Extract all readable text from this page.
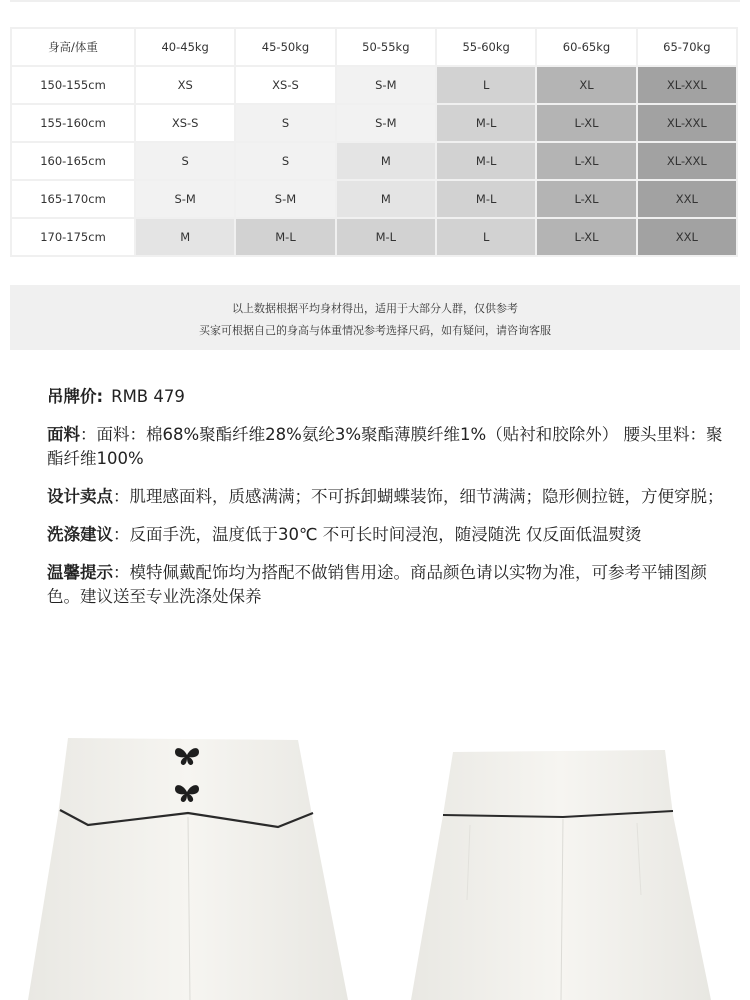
身高/体重	40-45kg	45-50kg	50-55kg	55-60kg	60-65kg	65-70kg
150-155cm	XS	XS-S	S-M	L	XL	XL-XXL
155-160cm	XS-S	S	S-M	M-L	L-XL	XL-XXL
160-165cm	S	S	M	M-L	L-XL	XL-XXL
165-170cm	S-M	S-M	M	M-L	L-XL	XXL
170-175cm	M	M-L	M-L	L	L-XL	XXL
以上数据根据平均身材得出，适用于大部分人群，仅供参考
买家可根据自己的身高与体重情况参考选择尺码，如有疑问，请咨询客服
吊牌价: RMB 479
面料：面料：棉68%聚酯纤维28%氨纶3%聚酯薄膜纤维1%（贴衬和胶除外） 腰头里料：聚酯纤维100%
设计卖点：肌理感面料，质感满满；不可拆卸蝴蝶装饰，细节满满；隐形侧拉链，方便穿脱；
洗涤建议：反面手洗，温度低于30℃ 不可长时间浸泡，随浸随洗 仅反面低温熨烫
温馨提示：模特佩戴配饰均为搭配不做销售用途。商品颜色请以实物为准，可参考平铺图颜色。建议送至专业洗涤处保养
